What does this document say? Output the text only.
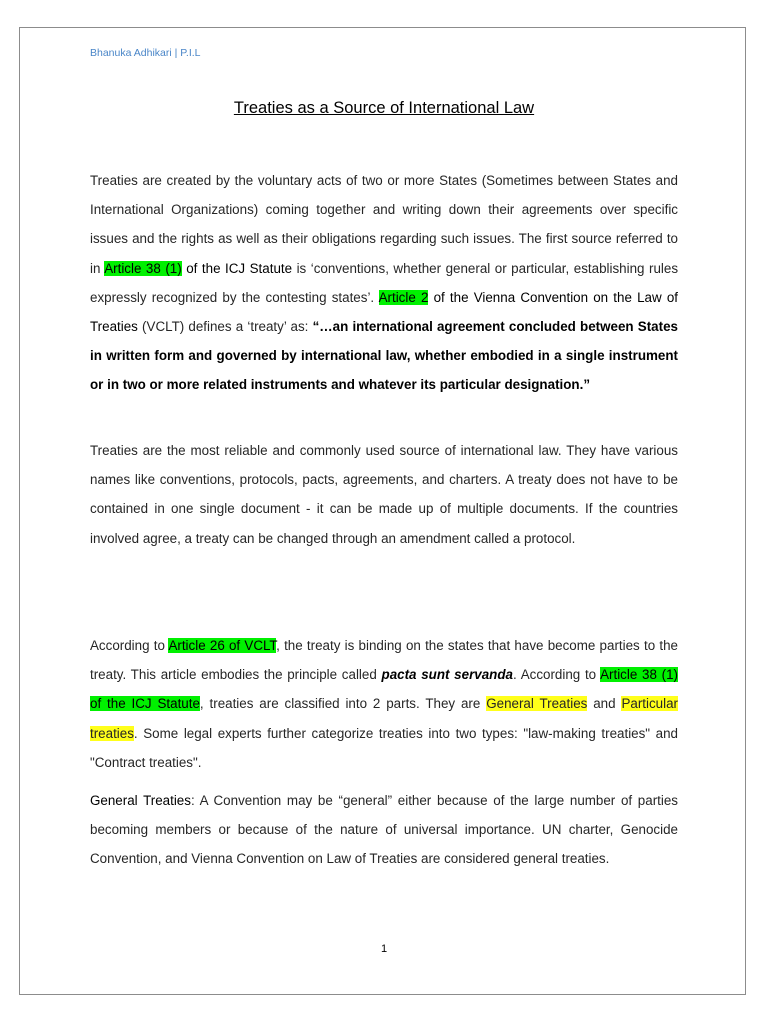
Bhanuka Adhikari | P.I.L
Treaties as a Source of International Law
Treaties are created by the voluntary acts of two or more States (Sometimes between States and International Organizations) coming together and writing down their agreements over specific issues and the rights as well as their obligations regarding such issues. The first source referred to in Article 38 (1) of the ICJ Statute is ‘conventions, whether general or particular, establishing rules expressly recognized by the contesting states’. Article 2 of the Vienna Convention on the Law of Treaties (VCLT) defines a ‘treaty’ as: “…an international agreement concluded between States in written form and governed by international law, whether embodied in a single instrument or in two or more related instruments and whatever its particular designation.”
Treaties are the most reliable and commonly used source of international law. They have various names like conventions, protocols, pacts, agreements, and charters. A treaty does not have to be contained in one single document - it can be made up of multiple documents. If the countries involved agree, a treaty can be changed through an amendment called a protocol.
According to Article 26 of VCLT, the treaty is binding on the states that have become parties to the treaty. This article embodies the principle called pacta sunt servanda. According to Article 38 (1) of the ICJ Statute, treaties are classified into 2 parts. They are General Treaties and Particular treaties. Some legal experts further categorize treaties into two types: "law-making treaties" and "Contract treaties".
General Treaties: A Convention may be “general” either because of the large number of parties becoming members or because of the nature of universal importance. UN charter, Genocide Convention, and Vienna Convention on Law of Treaties are considered general treaties.
1
